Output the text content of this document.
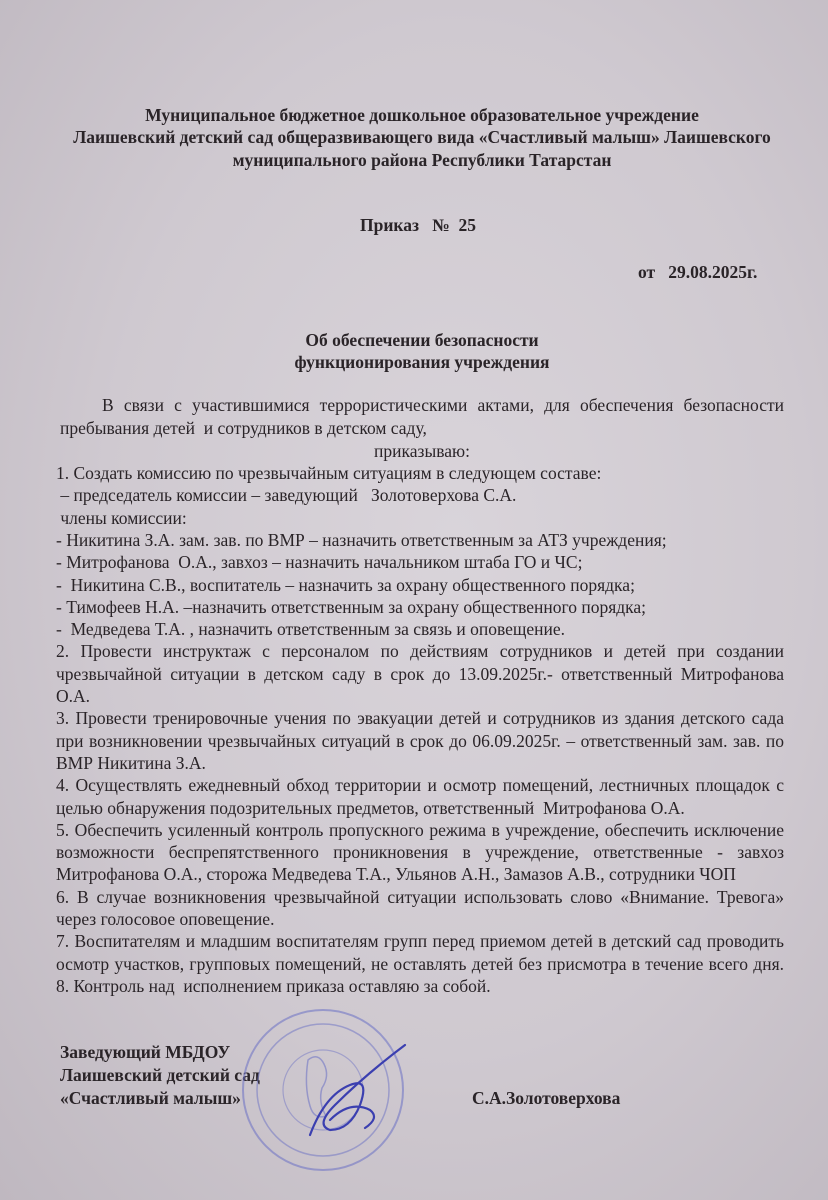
Муниципальное бюджетное дошкольное образовательное учреждение
Лаишевский детский сад общеразвивающего вида «Счастливый малыш» Лаишевского
муниципального района Республики Татарстан
Приказ   №  25
от   29.08.2025г.
Об обеспечении безопасности
функционирования учреждения
В связи с участившимися террористическими актами, для обеспечения безопасности
пребывания детей  и сотрудников в детском саду,
приказываю:
1. Создать комиссию по чрезвычайным ситуациям в следующем составе:
– председатель комиссии – заведующий   Золотоверхова С.А.
члены комиссии:
- Никитина З.А. зам. зав. по ВМР – назначить ответственным за АТЗ учреждения;
- Митрофанова  О.А., завхоз – назначить начальником штаба ГО и ЧС;
-  Никитина С.В., воспитатель – назначить за охрану общественного порядка;
- Тимофеев Н.А. –назначить ответственным за охрану общественного порядка;
-  Медведева Т.А. , назначить ответственным за связь и оповещение.
2. Провести инструктаж с персоналом по действиям сотрудников и детей при создании
чрезвычайной ситуации в детском саду в срок до 13.09.2025г.- ответственный Митрофанова
О.А.
3. Провести тренировочные учения по эвакуации детей и сотрудников из здания детского сада
при возникновении чрезвычайных ситуаций в срок до 06.09.2025г. – ответственный зам. зав. по
ВМР Никитина З.А.
4. Осуществлять ежедневный обход территории и осмотр помещений, лестничных площадок с
целью обнаружения подозрительных предметов, ответственный  Митрофанова О.А.
5. Обеспечить усиленный контроль пропускного режима в учреждение, обеспечить исключение
возможности беспрепятственного проникновения в учреждение, ответственные - завхоз
Митрофанова О.А., сторожа Медведева Т.А., Ульянов А.Н., Замазов А.В., сотрудники ЧОП
6. В случае возникновения чрезвычайной ситуации использовать слово «Внимание. Тревога»
через голосовое оповещение.
7. Воспитателям и младшим воспитателям групп перед приемом детей в детский сад проводить
осмотр участков, групповых помещений, не оставлять детей без присмотра в течение всего дня.
8. Контроль над  исполнением приказа оставляю за собой.
Заведующий МБДОУ
Лаишевский детский сад
«Счастливый малыш»	С.А.Золотоверхова
